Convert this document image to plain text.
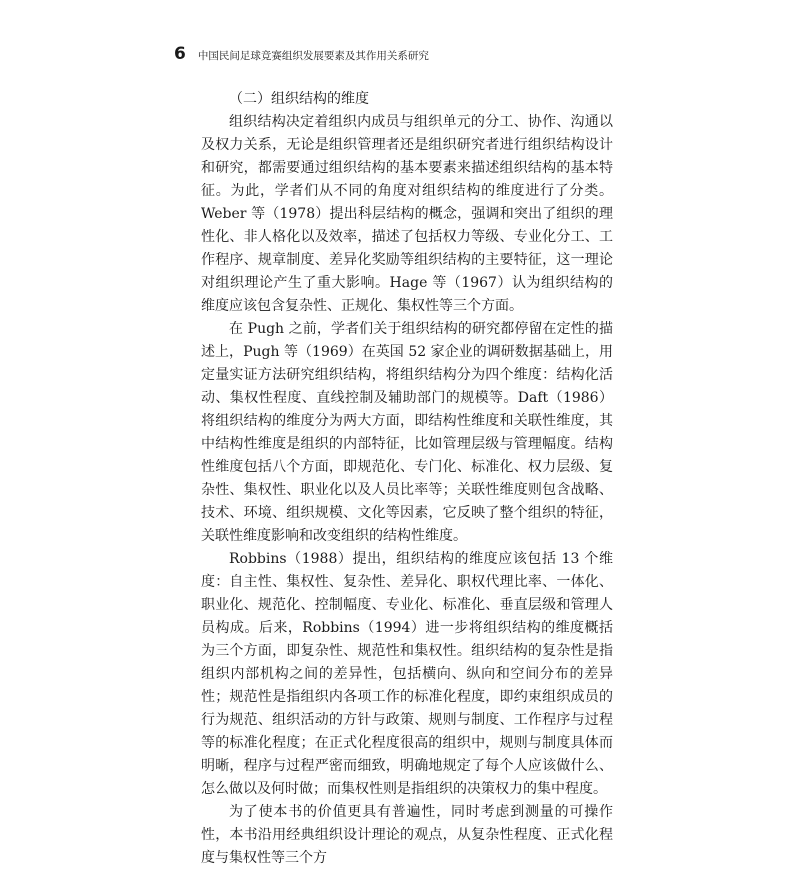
6 中国民间足球竞赛组织发展要素及其作用关系研究

（二）组织结构的维度

组织结构决定着组织内成员与组织单元的分工、协作、沟通以及权力关系，无论是组织管理者还是组织研究者进行组织结构设计和研究，都需要通过组织结构的基本要素来描述组织结构的基本特征。为此，学者们从不同的角度对组织结构的维度进行了分类。Weber 等（1978）提出科层结构的概念，强调和突出了组织的理性化、非人格化以及效率，描述了包括权力等级、专业化分工、工作程序、规章制度、差异化奖励等组织结构的主要特征，这一理论对组织理论产生了重大影响。Hage 等（1967）认为组织结构的维度应该包含复杂性、正规化、集权性等三个方面。

在 Pugh 之前，学者们关于组织结构的研究都停留在定性的描述上，Pugh 等（1969）在英国 52 家企业的调研数据基础上，用定量实证方法研究组织结构，将组织结构分为四个维度：结构化活动、集权性程度、直线控制及辅助部门的规模等。Daft（1986）将组织结构的维度分为两大方面，即结构性维度和关联性维度，其中结构性维度是组织的内部特征，比如管理层级与管理幅度。结构性维度包括八个方面，即规范化、专门化、标准化、权力层级、复杂性、集权性、职业化以及人员比率等；关联性维度则包含战略、技术、环境、组织规模、文化等因素，它反映了整个组织的特征，关联性维度影响和改变组织的结构性维度。

Robbins（1988）提出，组织结构的维度应该包括 13 个维度：自主性、集权性、复杂性、差异化、职权代理比率、一体化、职业化、规范化、控制幅度、专业化、标准化、垂直层级和管理人员构成。后来，Robbins（1994）进一步将组织结构的维度概括为三个方面，即复杂性、规范性和集权性。组织结构的复杂性是指组织内部机构之间的差异性，包括横向、纵向和空间分布的差异性；规范性是指组织内各项工作的标准化程度，即约束组织成员的行为规范、组织活动的方针与政策、规则与制度、工作程序与过程等的标准化程度；在正式化程度很高的组织中，规则与制度具体而明晰，程序与过程严密而细致，明确地规定了每个人应该做什么、怎么做以及何时做；而集权性则是指组织的决策权力的集中程度。

为了使本书的价值更具有普遍性，同时考虑到测量的可操作性，本书沿用经典组织设计理论的观点，从复杂性程度、正式化程度与集权性等三个方
